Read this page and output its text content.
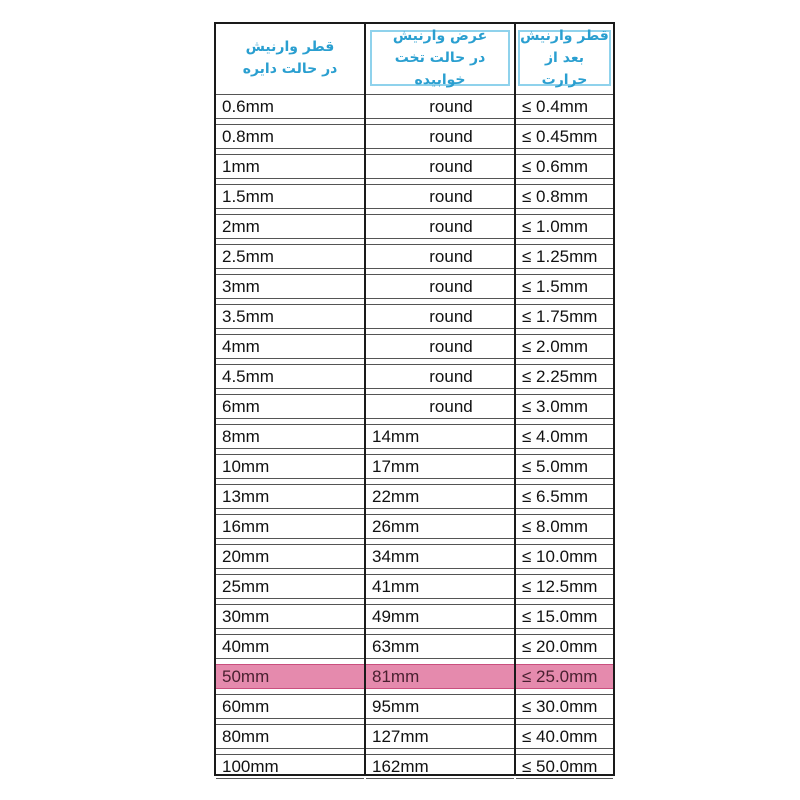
قطر وارنیش
در حالت دایره
0.6mm
0.8mm
1mm
1.5mm
2mm
2.5mm
3mm
3.5mm
4mm
4.5mm
6mm
8mm
10mm
13mm
16mm
20mm
25mm
30mm
40mm
50mm
60mm
80mm
100mm
عرض وارنیش
در حالت تخت خوابیده
round
round
round
round
round
round
round
round
round
round
round
14mm
17mm
22mm
26mm
34mm
41mm
49mm
63mm
81mm
95mm
127mm
162mm
قطر وارنیش
بعد از حرارت
≤ 0.4mm
≤ 0.45mm
≤ 0.6mm
≤ 0.8mm
≤ 1.0mm
≤ 1.25mm
≤ 1.5mm
≤ 1.75mm
≤ 2.0mm
≤ 2.25mm
≤ 3.0mm
≤ 4.0mm
≤ 5.0mm
≤ 6.5mm
≤ 8.0mm
≤ 10.0mm
≤ 12.5mm
≤ 15.0mm
≤ 20.0mm
≤ 25.0mm
≤ 30.0mm
≤ 40.0mm
≤ 50.0mm
